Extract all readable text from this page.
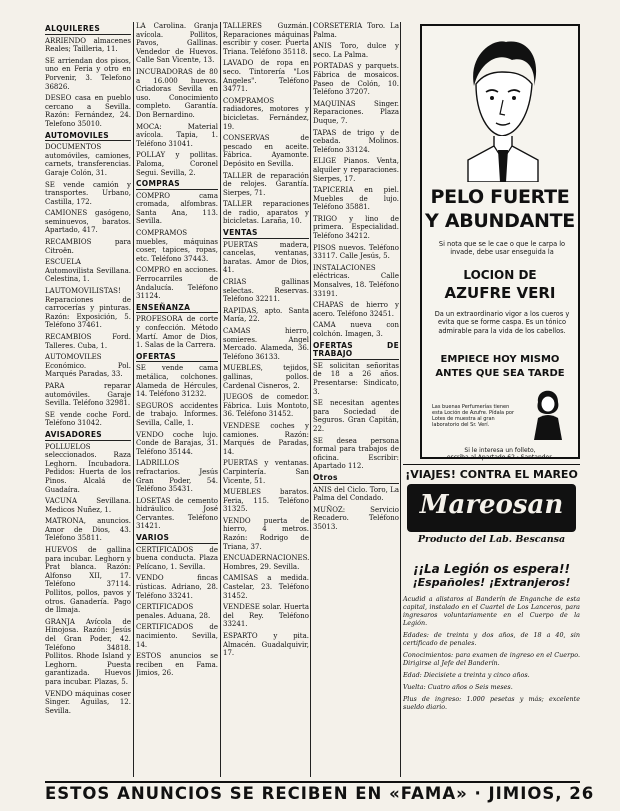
ALQUILERES
ARRIENDO almacenes Reales; Tailleria, 11.
SE arriendan dos pisos, uno en Feria y otro en Porvenir, 3. Telefono 36826.
DESEO casa en pueblo cercano a Sevilla. Razón: Fernández, 24. Telefono 35010.
AUTOMOVILES
DOCUMENTOS automóviles, camiones, carnets, transferencias. Garaje Colón, 31.
SE vende camión y transportes. Urbano, Castilla, 172.
CAMIONES gasógeno, seminuevos, baratos. Apartado, 417.
RECAMBIOS para Citroën.
ESCUELA Automovilista Sevillana. Celestina, 1.
LAUTOMOVILISTAS! Reparaciones de carrocerías y pinturas. Razón: Exposición, 5. Teléfono 37461.
RECAMBIOS Ford. Talleres. Cuba, 1.
AUTOMOVILES Económico. Pol. Marqués Paradas, 33.
PARA reparar automóviles. Garaje Sevilla. Teléfono 32981.
SE vende coche Ford. Teléfono 31042.
AVISADORES
POLLUELOS seleccionados. Raza Leghorn. Incubadora. Pedidos: Huerta de los Pinos. Alcalá de Guadaíra.
VACUNA Sevillana. Medicos Nuñez, 1.
MATRONA, anuncios. Amor de Dios, 43. Teléfono 35811.
HUEVOS de gallina para incubar. Leghorn y Prat blanca. Razón: Alfonso XII, 17. Teléfono 37114. Pollitos, pollos, pavos y otros. Ganadería. Pago de Ilmaja.
GRANJA Avícola de Hinojosa. Razón: Jesús del Gran Poder, 42. Teléfono 34818. Pollitos. Rhode Island y Leghorn. Puesta garantizada. Huevos para incubar. Plazas, 5.
VENDO máquinas coser Singer. Aguilas, 12. Sevilla.
LA Carolina. Granja avícola. Pollitos, Pavos, Gallinas. Vendedor de Huevos. Calle San Vicente, 13.
INCUBADORAS de 80 a 16.000 huevos. Criadoras Sevilla en uso. Conocimiento completo. Garantía. Don Bernardino.
MOCA: Material avícola. Tapia, 1. Teléfono 31041.
POLLAY y pollitas. Paloma, Coronel Segui. Sevilla, 2.
COMPRAS
COMPRO cama cromada, alfombras. Santa Ana, 113. Sevilla.
COMPRAMOS muebles, máquinas coser, tapices, ropas, etc. Teléfono 37443.
COMPRO en acciones. Ferrocarriles de Andalucía. Teléfono 31124.
ENSEÑANZA
PROFESORA de corte y confección. Método Martí. Amor de Dios, 1. Salas de la Carrera.
OFERTAS
SE vende cama metálica, colchones. Alameda de Hércules, 14. Teléfono 31232.
SEGUROS accidentes de trabajo. Informes. Sevilla, Calle, 1.
VENDO coche lujo. Conde de Barajas, 31. Teléfono 35144.
LADRILLOS refractarios. Jesús Gran Poder, 54. Teléfono 35431.
LOSETAS de cemento hidráulico. José Cervantes. Teléfono 31421.
VARIOS
CERTIFICADOS de buena conducta. Plaza Pelícano, 1. Sevilla.
VENDO fincas rústicas. Adriano, 28. Teléfono 33241.
CERTIFICADOS penales. Aduana, 28.
CERTIFICADOS de nacimiento. Sevilla, 14.
ESTOS anuncios se reciben en Fama. Jimios, 26.
TALLERES Guzmán. Reparaciones máquinas escribir y coser. Puerta Triana. Teléfono 35118.
LAVADO de ropa en seco. Tintorería "Los Angeles". Teléfono 34771.
COMPRAMOS radiadores, motores y bicicletas. Fernández, 19.
CONSERVAS de pescado en aceite. Fábrica. Ayamonte. Depósito en Sevilla.
TALLER de reparación de relojes. Garantía. Sierpes, 71.
TALLER reparaciones de radio, aparatos y bicicletas. Laraña, 10.
VENTAS
PUERTAS madera, cancelas, ventanas, baratas. Amor de Dios, 41.
CRIAS gallinas selectas. Reservas. Teléfono 32211.
RAPIDAS, apto. Santa María, 22.
CAMAS hierro, somieres. Angel Mercado. Alameda, 36. Teléfono 36133.
MUEBLES, tejidos, gallinas, pollos. Cardenal Cisneros, 2.
JUEGOS de comedor. Fábrica. Luis Montoto, 36. Teléfono 31452.
VENDESE coches y camiones. Razón: Marqués de Paradas, 14.
PUERTAS y ventanas. Carpintería. San Vicente, 51.
MUEBLES baratos. Feria, 115. Teléfono 31325.
VENDO puerta de hierro, 4 metros. Razón: Rodrigo de Triana, 37.
ENCUADERNACIONES. Hombres, 29. Sevilla.
CAMISAS a medida. Castelar, 23. Teléfono 31452.
VENDESE solar. Huerta del Rey. Teléfono 33241.
ESPARTO y pita. Almacén. Guadalquivir, 17.
CORSETERIA Toro. La Palma.
ANIS Toro, dulce y seco. La Palma.
PORTADAS y parquets. Fábrica de mosaicos. Paseo de Colón, 10. Teléfono 37207.
MAQUINAS Singer. Reparaciones. Plaza Duque, 7.
TAPAS de trigo y de cebada. Molinos. Teléfono 33124.
ELIGE Pianos. Venta, alquiler y reparaciones. Sierpes, 17.
TAPICERIA en piel. Muebles de lujo. Teléfono 35881.
TRIGO y lino de primera. Especialidad. Teléfono 34212.
PISOS nuevos. Teléfono 33117. Calle Jesús, 5.
INSTALACIONES eléctricas. Calle Monsalves, 18. Teléfono 33191.
CHAPAS de hierro y acero. Teléfono 32451.
CAMA nueva con colchón. Imagen, 3.
OFERTAS DE TRABAJO
SE solicitan señoritas de 18 a 26 años. Presentarse: Sindicato, 3.
SE necesitan agentes para Sociedad de Seguros. Gran Capitán, 22.
SE desea persona formal para trabajos de oficina. Escribir: Apartado 112.
Otros
ANIS del Ciclo. Toro, La Palma del Condado.
MUÑOZ: Servicio Recadero. Teléfono 35013.
PELO FUERTE
Y ABUNDANTE
Si nota que se le cae o que le carpa lo invade, debe usar enseguida la
LOCION DE
AZUFRE VERI
Da un extraordinario vigor a los cueros y evita que se forme caspa. Es un tónico admirable para la vida de los cabellos.
EMPIECE HOY MISMO
ANTES QUE SEA TARDE
Las buenas Perfumerías tienen esta Loción de Azufre. Pídala por Lotes de muestra al gran laboratorio del Sr. Verí.
Si le interesa un folleto,
escriba al Apartado 62 · Santander.
¡VIAJES! CONTRA EL MAREO
Mareosan
Producto del Lab. Bescansa
¡¡La Legión os espera!!
¡Españoles! ¡Extranjeros!

Acudid a alistaros al Banderín de Enganche de esta capital, instalado en el Cuartel de Los Lanceros, para ingresaros voluntariamente en el Cuerpo de la Legión.

Edades: de treinta y dos años, de 18 a 40, sin certificado de penales.

Conocimientos: para examen de ingreso en el Cuerpo. Dirigirse al Jefe del Banderín.

Edad: Diecisiete a treinta y cinco años.

Vuelta: Cuatro años o Seis meses.

Plus de ingreso: 1.000 pesetas y más; excelente sueldo diario.

ESTOS ANUNCIOS SE RECIBEN EN «FAMA» · JIMIOS, 26
